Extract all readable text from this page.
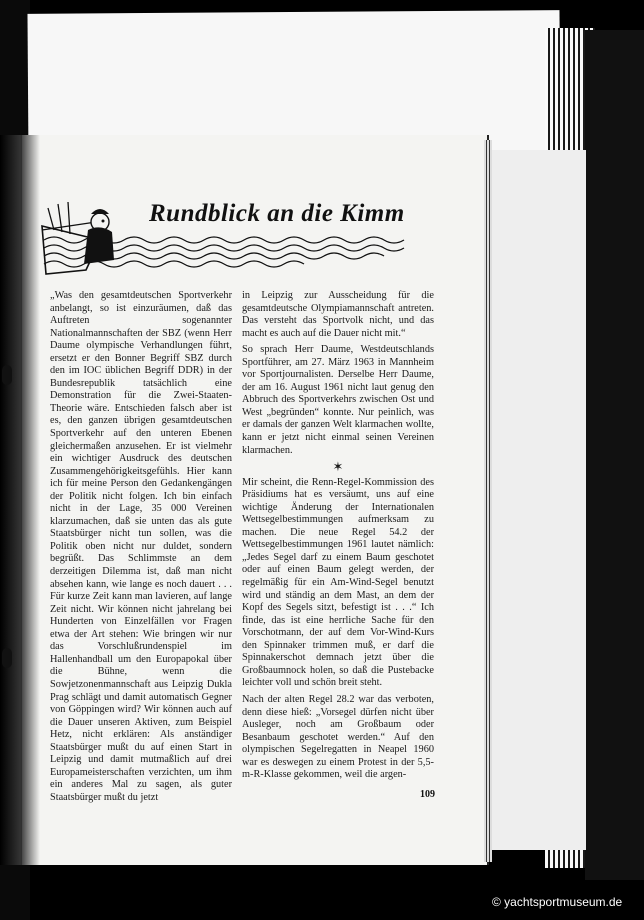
Rundblick an die Kimm

„Was den gesamtdeutschen Sportverkehr anbelangt, so ist einzuräumen, daß das Auftreten sogenannter Nationalmannschaften der SBZ (wenn Herr Daume olympische Verhandlungen führt, ersetzt er den Bonner Begriff SBZ durch den im IOC üblichen Begriff DDR) in der Bundesrepublik tatsächlich eine Demonstration für die Zwei-Staaten-Theorie wäre. Entschieden falsch aber ist es, den ganzen übrigen gesamtdeutschen Sportverkehr auf den unteren Ebenen gleichermaßen anzusehen. Er ist vielmehr ein wichtiger Ausdruck des deutschen Zusammengehörigkeitsgefühls. Hier kann ich für meine Person den Gedankengängen der Politik nicht folgen. Ich bin einfach nicht in der Lage, 35 000 Vereinen klarzumachen, daß sie unten das als gute Staatsbürger nicht tun sollen, was die Politik oben nicht nur duldet, sondern begrüßt. Das Schlimmste an dem derzeitigen Dilemma ist, daß man nicht absehen kann, wie lange es noch dauert . . . Für kurze Zeit kann man lavieren, auf lange Zeit nicht. Wir können nicht jahrelang bei Hunderten von Einzelfällen vor Fragen etwa der Art stehen: Wie bringen wir nur das Vorschlußrundenspiel im Hallenhandball um den Europapokal über die Bühne, wenn die Sowjetzonenmannschaft aus Leipzig Dukla Prag schlägt und damit automatisch Gegner von Göppingen wird? Wir können auch auf die Dauer unseren Aktiven, zum Beispiel Hetz, nicht erklären: Als anständiger Staatsbürger mußt du auf einen Start in Leipzig und damit mutmaßlich auf drei Europameisterschaften verzichten, um ihm ein anderes Mal zu sagen, als guter Staatsbürger mußt du jetzt

in Leipzig zur Ausscheidung für die gesamtdeutsche Olympiamannschaft antreten. Das versteht das Sportvolk nicht, und das macht es auch auf die Dauer nicht mit.“

So sprach Herr Daume, Westdeutschlands Sportführer, am 27. März 1963 in Mannheim vor Sportjournalisten. Derselbe Herr Daume, der am 16. August 1961 nicht laut genug den Abbruch des Sportverkehrs zwischen Ost und West „begründen“ konnte. Nur peinlich, was er damals der ganzen Welt klarmachen wollte, kann er jetzt nicht einmal seinen Vereinen klarmachen.

✶

Mir scheint, die Renn-Regel-Kommission des Präsidiums hat es versäumt, uns auf eine wichtige Änderung der Internationalen Wettsegelbestimmungen aufmerksam zu machen. Die neue Regel 54.2 der Wettsegelbestimmungen 1961 lautet nämlich: „Jedes Segel darf zu einem Baum geschotet oder auf einen Baum gelegt werden, der regelmäßig für ein Am-Wind-Segel benutzt wird und ständig an dem Mast, an dem der Kopf des Segels sitzt, befestigt ist . . .“ Ich finde, das ist eine herrliche Sache für den Vorschotmann, der auf dem Vor-Wind-Kurs den Spinnaker trimmen muß, er darf die Spinnakerschot demnach jetzt über die Großbaumnock holen, so daß die Pustebacke leichter voll und schön breit steht.

Nach der alten Regel 28.2 war das verboten, denn diese hieß: „Vorsegel dürfen nicht über Ausleger, noch am Großbaum oder Besanbaum geschotet werden.“ Auf den olympischen Segelregatten in Neapel 1960 war es deswegen zu einem Protest in der 5,5-m-R-Klasse gekommen, weil die argen-

109
© yachtsportmuseum.de
